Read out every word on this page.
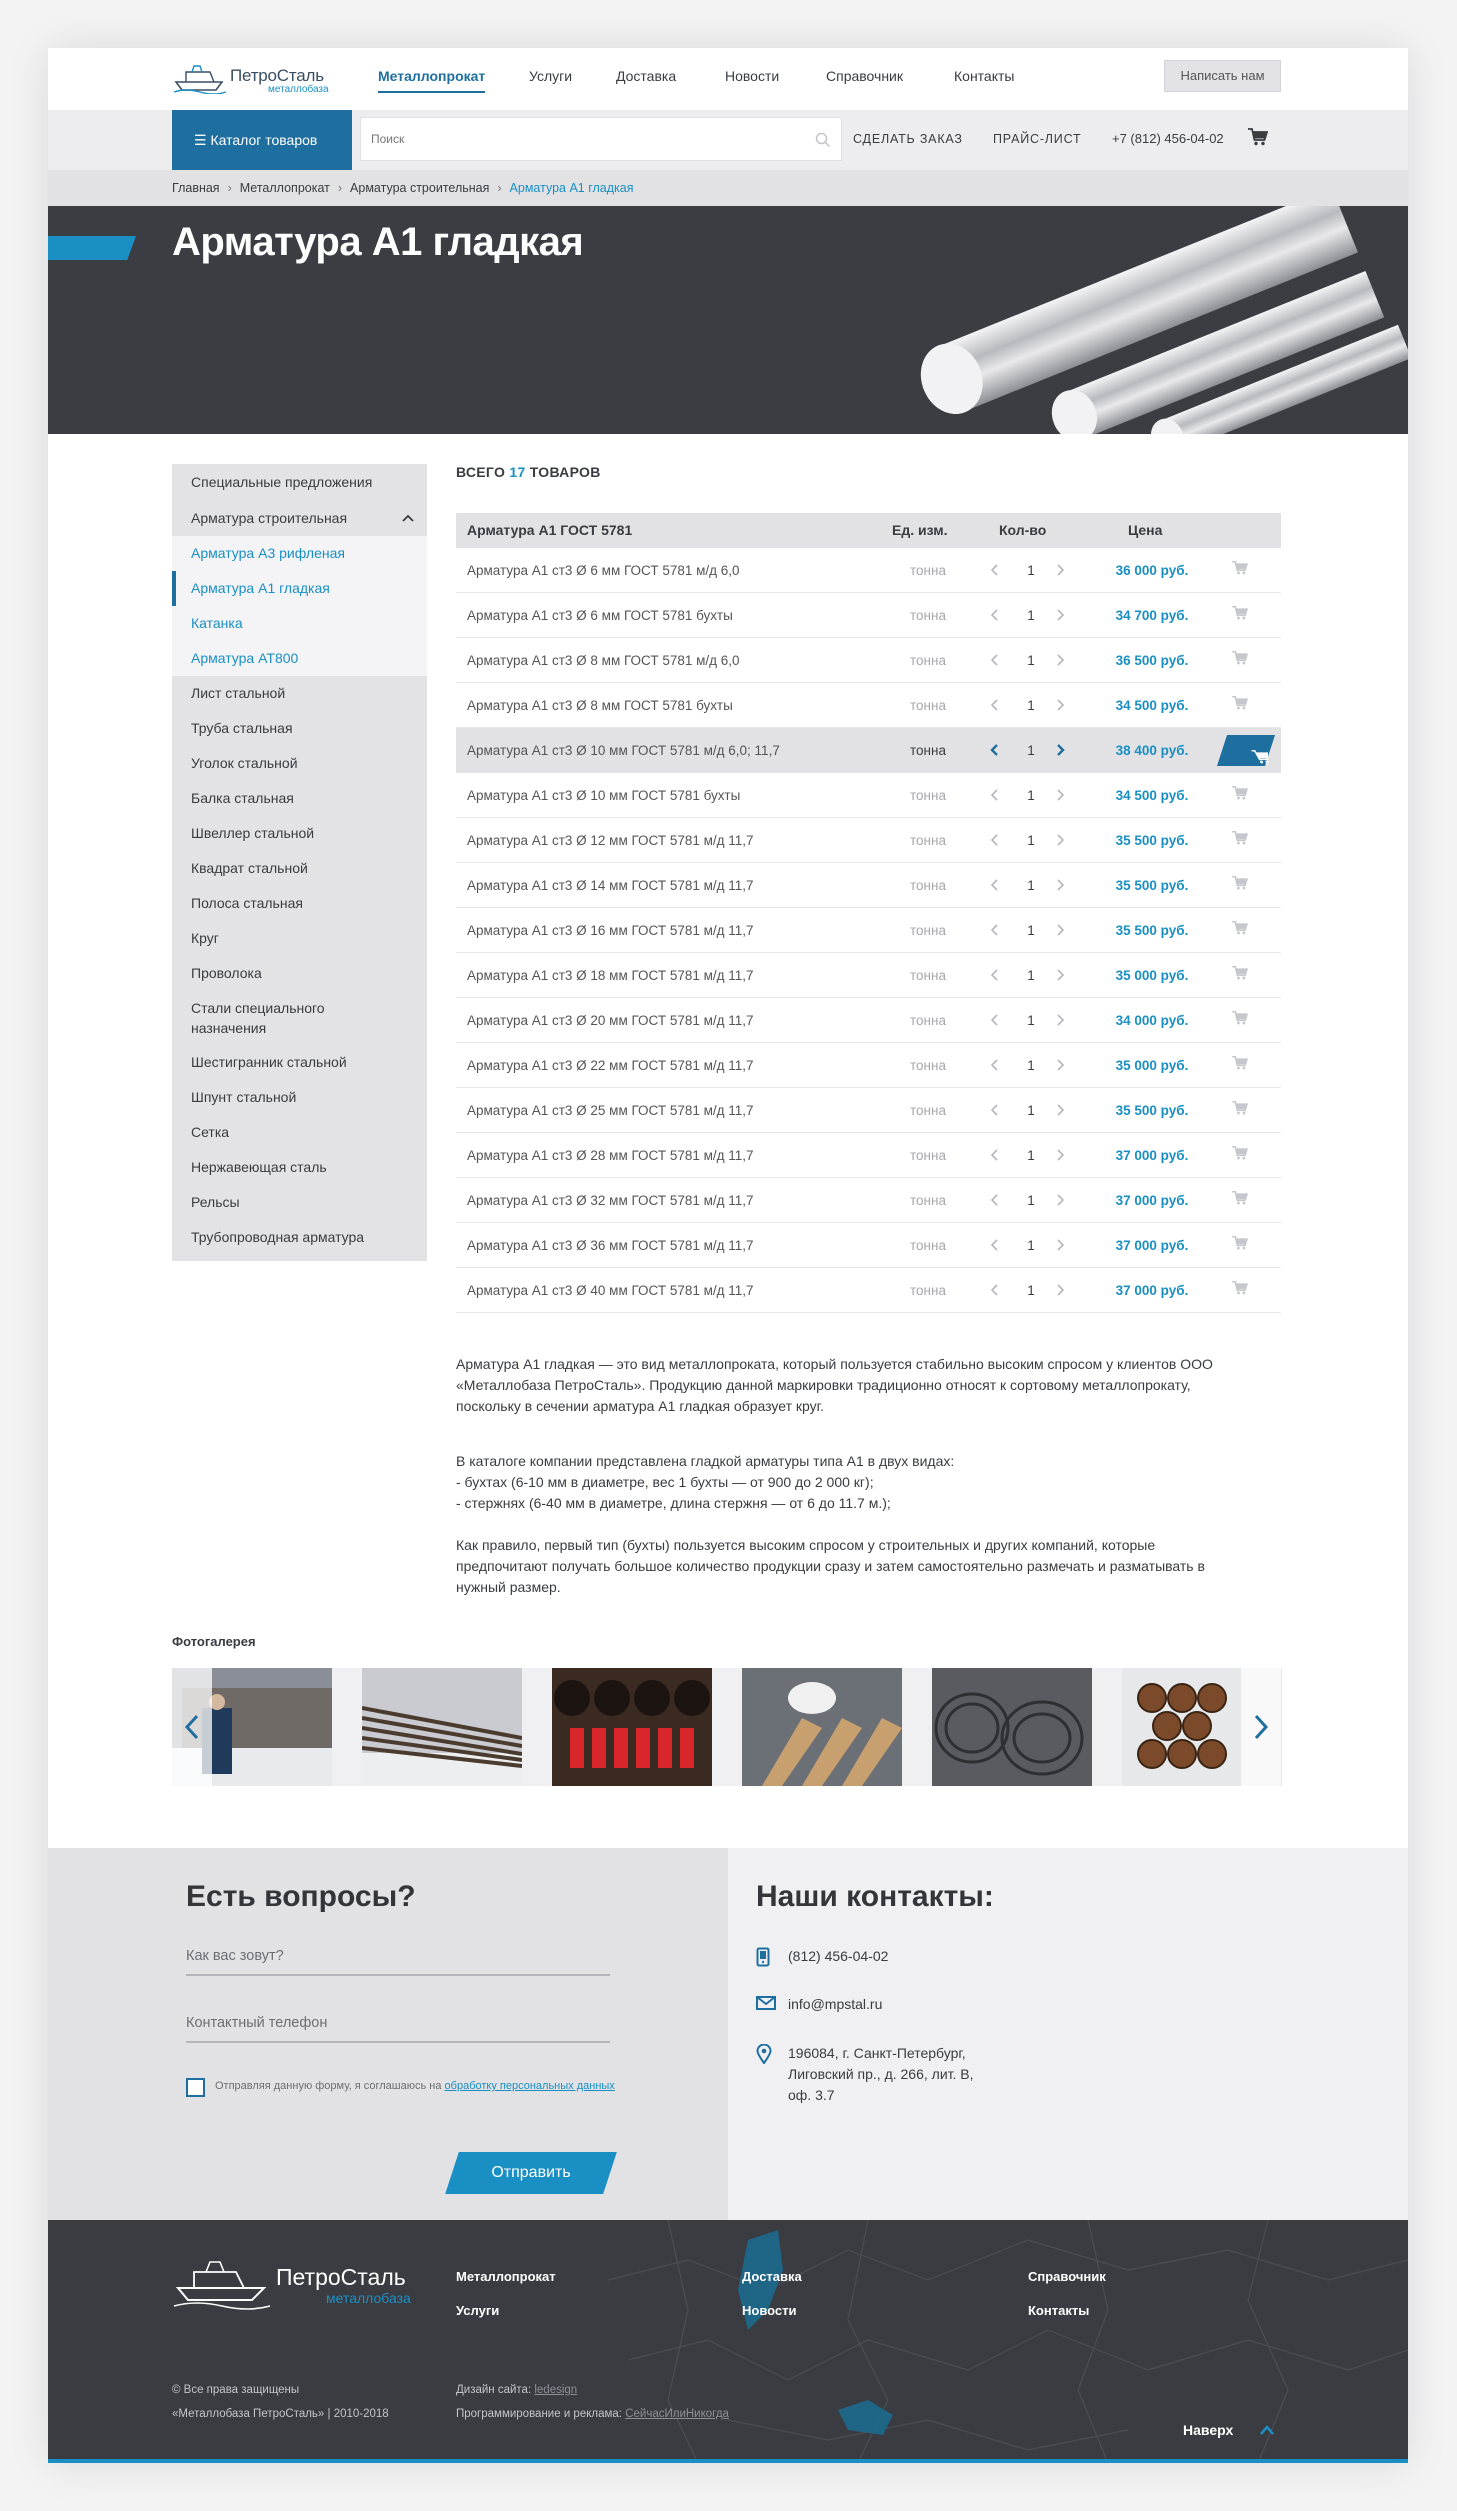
ПетроСталь
металлобаза
Металлопрокат	Услуги	Доставка	Новости	Справочник	Контакты	Написать нам
☰ Каталог товаров
Поиск	СДЕЛАТЬ ЗАКАЗ ПРАЙС-ЛИСТ +7 (812) 456-04-02
Главная › Металлопрокат › Арматура строительная › Арматура А1 гладкая
Арматура А1 гладкая
Специальные предложения
Арматура строительная
Арматура А3 рифленая
Арматура А1 гладкая
Катанка
Арматура AT800
Лист стальной
Труба стальная
Уголок стальной
Балка стальная
Швеллер стальной
Квадрат стальной
Полоса стальная
Круг
Проволока
Стали специального назначения
Шестигранник стальной
Шпунт стальной
Сетка
Нержавеющая сталь
Рельсы
Трубопроводная арматура
ВСЕГО 17 ТОВАРОВ
Арматура А1 ГОСТ 5781	Ед. изм.	Кол-во	Цена
Арматура А1 ст3 Ø 6 мм ГОСТ 5781 м/д 6,0	тонна	1	36 000 руб.
Арматура А1 ст3 Ø 6 мм ГОСТ 5781 бухты	тонна	1	34 700 руб.
Арматура А1 ст3 Ø 8 мм ГОСТ 5781 м/д 6,0	тонна	1	36 500 руб.
Арматура А1 ст3 Ø 8 мм ГОСТ 5781 бухты	тонна	1	34 500 руб.
Арматура А1 ст3 Ø 10 мм ГОСТ 5781 м/д 6,0; 11,7	тонна	1	38 400 руб.
Арматура А1 ст3 Ø 10 мм ГОСТ 5781 бухты	тонна	1	34 500 руб.
Арматура А1 ст3 Ø 12 мм ГОСТ 5781 м/д 11,7	тонна	1	35 500 руб.
Арматура А1 ст3 Ø 14 мм ГОСТ 5781 м/д 11,7	тонна	1	35 500 руб.
Арматура А1 ст3 Ø 16 мм ГОСТ 5781 м/д 11,7	тонна	1	35 500 руб.
Арматура А1 ст3 Ø 18 мм ГОСТ 5781 м/д 11,7	тонна	1	35 000 руб.
Арматура А1 ст3 Ø 20 мм ГОСТ 5781 м/д 11,7	тонна	1	34 000 руб.
Арматура А1 ст3 Ø 22 мм ГОСТ 5781 м/д 11,7	тонна	1	35 000 руб.
Арматура А1 ст3 Ø 25 мм ГОСТ 5781 м/д 11,7	тонна	1	35 500 руб.
Арматура А1 ст3 Ø 28 мм ГОСТ 5781 м/д 11,7	тонна	1	37 000 руб.
Арматура А1 ст3 Ø 32 мм ГОСТ 5781 м/д 11,7	тонна	1	37 000 руб.
Арматура А1 ст3 Ø 36 мм ГОСТ 5781 м/д 11,7	тонна	1	37 000 руб.
Арматура А1 ст3 Ø 40 мм ГОСТ 5781 м/д 11,7	тонна	1	37 000 руб.

Арматура А1 гладкая — это вид металлопроката, который пользуется стабильно высоким спросом у клиентов ООО
«Металлобаза ПетроСталь». Продукцию данной маркировки традиционно относят к сортовому металлопрокату,
поскольку в сечении арматура А1 гладкая образует круг.

В каталоге компании представлена гладкой арматуры типа А1 в двух видах:
- бухтах (6-10 мм в диаметре, вес 1 бухты — от 900 до 2 000 кг);
- стержнях (6-40 мм в диаметре, длина стержня — от 6 до 11.7 м.);

Как правило, первый тип (бухты) пользуется высоким спросом у строительных и других компаний, которые
предпочитают получать большое количество продукции сразу и затем самостоятельно размечать и разматывать в
нужный размер.

Фотогалерея
Есть вопросы?
Как вас зовут?
Контактный телефон
Отправляя данную форму, я соглашаюсь на обработку персональных данных
Отправить
Наши контакты:
(812) 456-04-02
info@mpstal.ru
196084, г. Санкт-Петербург,
Лиговский пр., д. 266, лит. В,
оф. 3.7
ПетроСталь
металлобаза
Металлопрокат
Услуги
Доставка
Новости
Справочник
Контакты
© Все права защищены
«Металлобаза ПетроСталь» | 2010-2018
Дизайн сайта: ledesign
Программирование и реклама: СейчасИлиНикогда
Наверх
